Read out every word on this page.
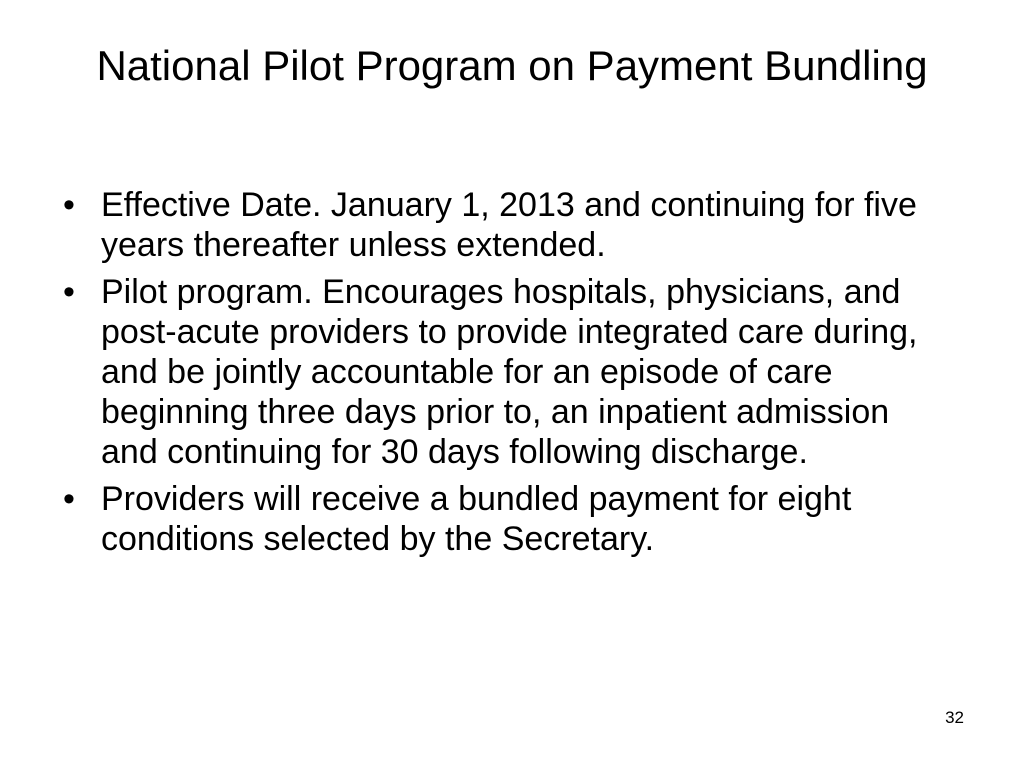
National Pilot Program on Payment Bundling
• Effective Date. January 1, 2013 and continuing for five years thereafter unless extended.
• Pilot program. Encourages hospitals, physicians, and post-acute providers to provide integrated care during, and be jointly accountable for an episode of care beginning three days prior to, an inpatient admission and continuing for 30 days following discharge.
• Providers will receive a bundled payment for eight conditions selected by the Secretary.
32
